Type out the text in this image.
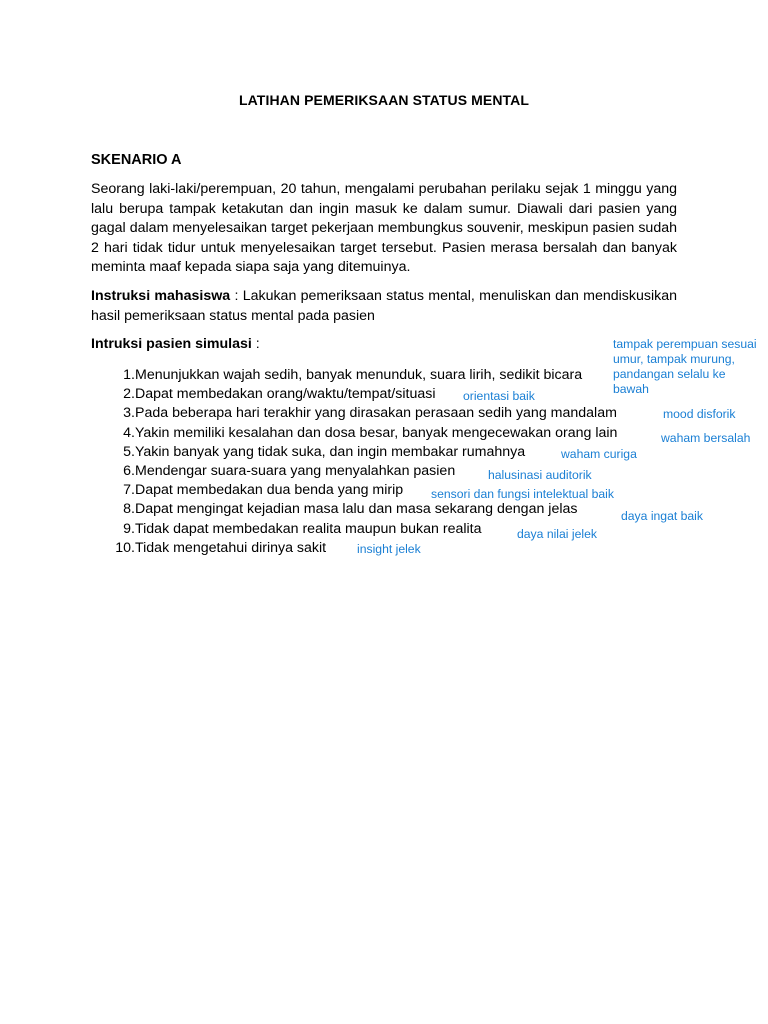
LATIHAN PEMERIKSAAN STATUS MENTAL
SKENARIO A
Seorang laki-laki/perempuan, 20 tahun, mengalami perubahan perilaku sejak 1 minggu yang lalu berupa tampak ketakutan dan ingin masuk ke dalam sumur. Diawali dari pasien yang gagal dalam menyelesaikan target pekerjaan membungkus souvenir, meskipun pasien sudah 2 hari tidak tidur untuk menyelesaikan target tersebut. Pasien merasa bersalah dan banyak meminta maaf kepada siapa saja yang ditemuinya.
Instruksi mahasiswa : Lakukan pemeriksaan status mental, menuliskan dan mendiskusikan hasil pemeriksaan status mental pada pasien
Intruksi pasien simulasi :
1.Menunjukkan wajah sedih, banyak menunduk, suara lirih, sedikit bicara
2.Dapat membedakan orang/waktu/tempat/situasi
3.Pada beberapa hari terakhir yang dirasakan perasaan sedih yang mandalam
4.Yakin memiliki kesalahan dan dosa besar, banyak mengecewakan orang lain
5.Yakin banyak yang tidak suka, dan ingin membakar rumahnya
6.Mendengar suara-suara yang menyalahkan pasien
7.Dapat membedakan dua benda yang mirip
8.Dapat mengingat kejadian masa lalu dan masa sekarang dengan jelas
9.Tidak dapat membedakan realita maupun bukan realita
10.Tidak mengetahui dirinya sakit
tampak perempuan sesuai umur, tampak murung, pandangan selalu ke bawah
orientasi baik
mood disforik
waham bersalah
waham curiga
halusinasi auditorik
sensori dan fungsi intelektual baik
daya ingat baik
daya nilai jelek
insight jelek
